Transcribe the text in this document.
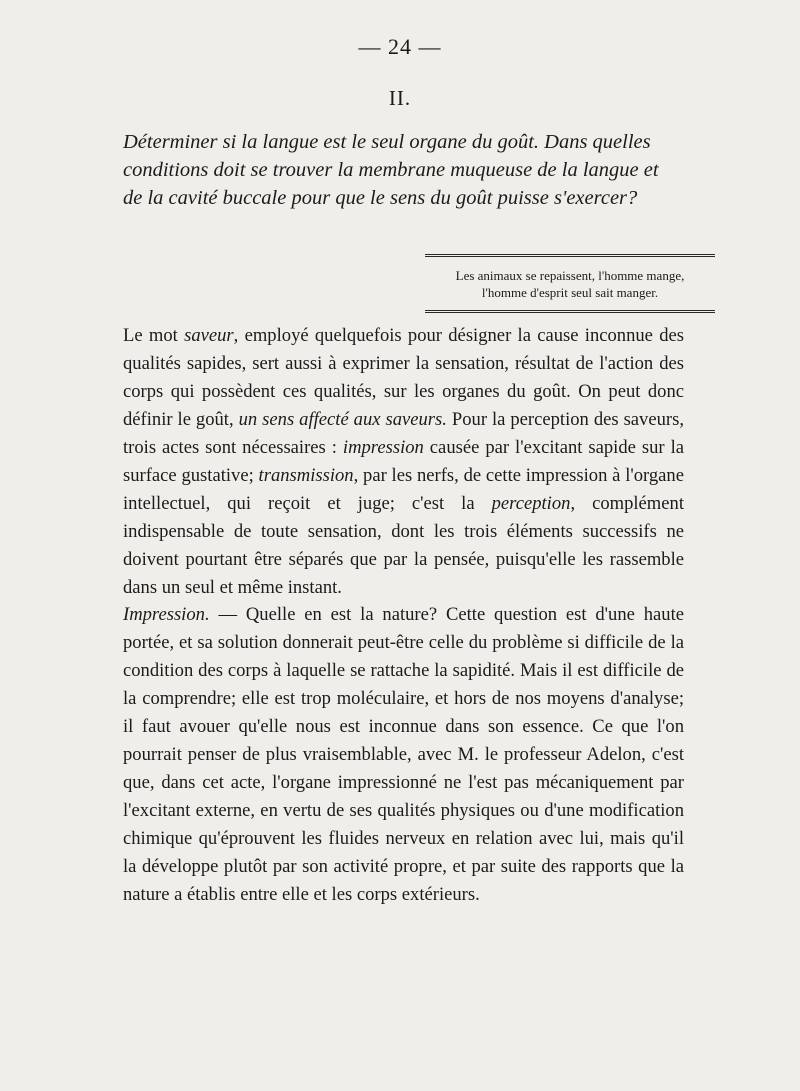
— 24 —
II.

Déterminer si la langue est le seul organe du goût. Dans quelles conditions doit se trouver la membrane muqueuse de la langue et de la cavité buccale pour que le sens du goût puisse s'exercer?

Les animaux se repaissent, l'homme mange,

l'homme d'esprit seul sait manger.

Le mot saveur, employé quelquefois pour désigner la cause inconnue des qualités sapides, sert aussi à exprimer la sensation, résultat de l'action des corps qui possèdent ces qualités, sur les organes du goût. On peut donc définir le goût, un sens affecté aux saveurs. Pour la perception des saveurs, trois actes sont nécessaires : impression causée par l'excitant sapide sur la surface gustative; transmission, par les nerfs, de cette impression à l'organe intellectuel, qui reçoit et juge; c'est la perception, complément indispensable de toute sensation, dont les trois éléments successifs ne doivent pourtant être séparés que par la pensée, puisqu'elle les rassemble dans un seul et même instant.

Impression. — Quelle en est la nature? Cette question est d'une haute portée, et sa solution donnerait peut-être celle du problème si difficile de la condition des corps à laquelle se rattache la sapidité. Mais il est difficile de la comprendre; elle est trop moléculaire, et hors de nos moyens d'analyse; il faut avouer qu'elle nous est inconnue dans son essence. Ce que l'on pourrait penser de plus vraisemblable, avec M. le professeur Adelon, c'est que, dans cet acte, l'organe impressionné ne l'est pas mécaniquement par l'excitant externe, en vertu de ses qualités physiques ou d'une modification chimique qu'éprouvent les fluides nerveux en relation avec lui, mais qu'il la développe plutôt par son activité propre, et par suite des rapports que la nature a établis entre elle et les corps extérieurs.
